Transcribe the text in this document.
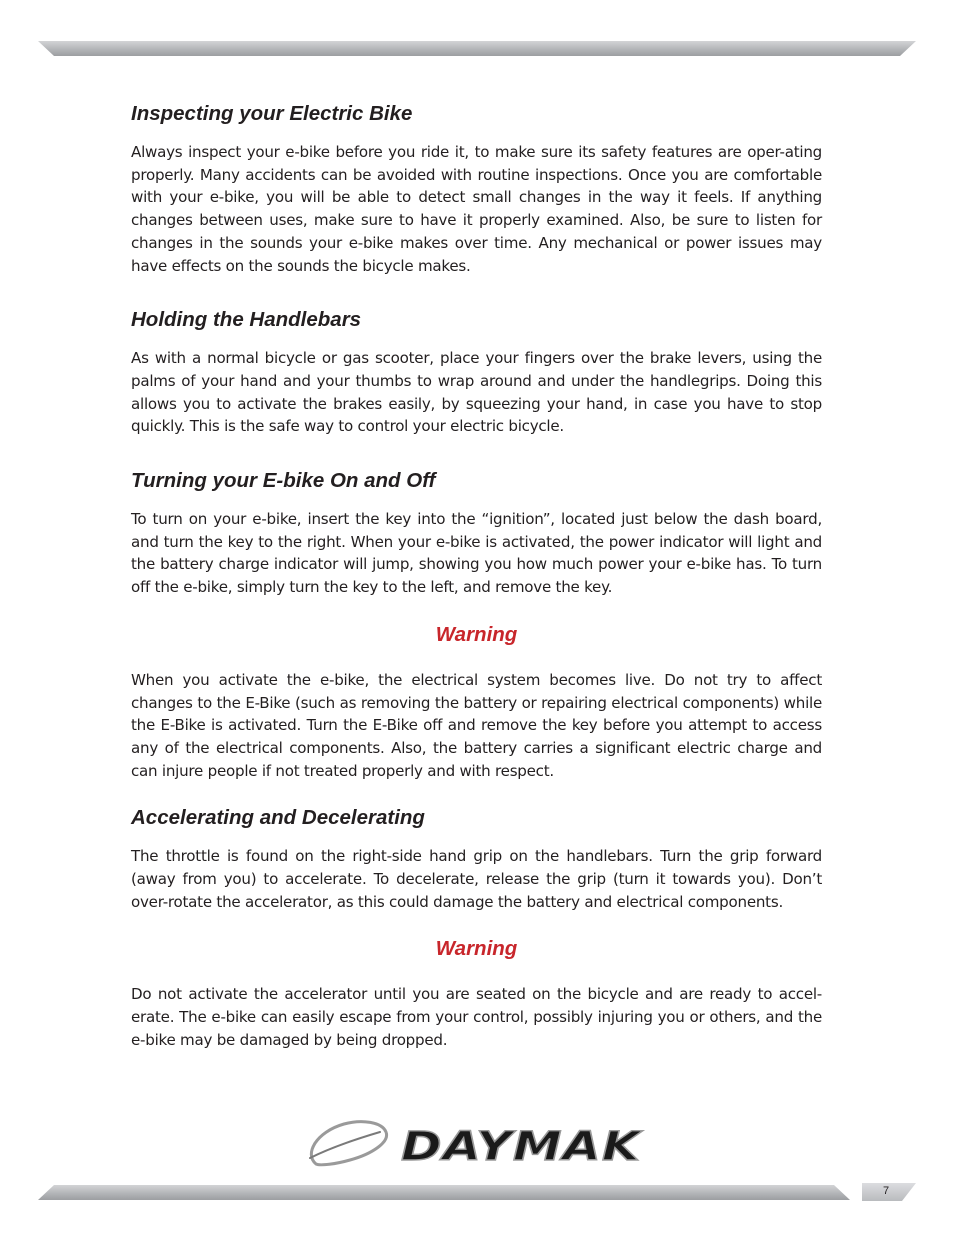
Inspecting your Electric Bike

Always inspect your e-bike before you ride it, to make sure its safety features are oper-ating properly. Many accidents can be avoided with routine inspections. Once you are comfortable with your e-bike, you will be able to detect small changes in the way it feels. If anything changes between uses, make sure to have it properly examined. Also, be sure to listen for changes in the sounds your e-bike makes over time. Any mechanical or power issues may have effects on the sounds the bicycle makes.

Holding the Handlebars

As with a normal bicycle or gas scooter, place your fingers over the brake levers, using the palms of your hand and your thumbs to wrap around and under the handlegrips. Doing this allows you to activate the brakes easily, by squeezing your hand, in case you have to stop quickly. This is the safe way to control your electric bicycle.

Turning your E-bike On and Off

To turn on your e-bike, insert the key into the “ignition”, located just below the dash board, and turn the key to the right. When your e-bike is activated, the power indicator will light and the battery charge indicator will jump, showing you how much power your e-bike has. To turn off the e-bike, simply turn the key to the left, and remove the key.

Warning

When you activate the e-bike, the electrical system becomes live. Do not try to affect changes to the E-Bike (such as removing the battery or repairing electrical components) while the E-Bike is activated. Turn the E-Bike off and remove the key before you attempt to access any of the electrical components. Also, the battery carries a significant electric charge and can injure people if not treated properly and with respect.

Accelerating and Decelerating

The throttle is found on the right-side hand grip on the handlebars. Turn the grip forward (away from you) to accelerate. To decelerate, release the grip (turn it towards you). Don’t over-rotate the accelerator, as this could damage the battery and electrical components.

Warning

Do not activate the accelerator until you are seated on the bicycle and are ready to accel-erate. The e-bike can easily escape from your control, possibly injuring you or others, and the e-bike may be damaged by being dropped.

DAYMAK
7
